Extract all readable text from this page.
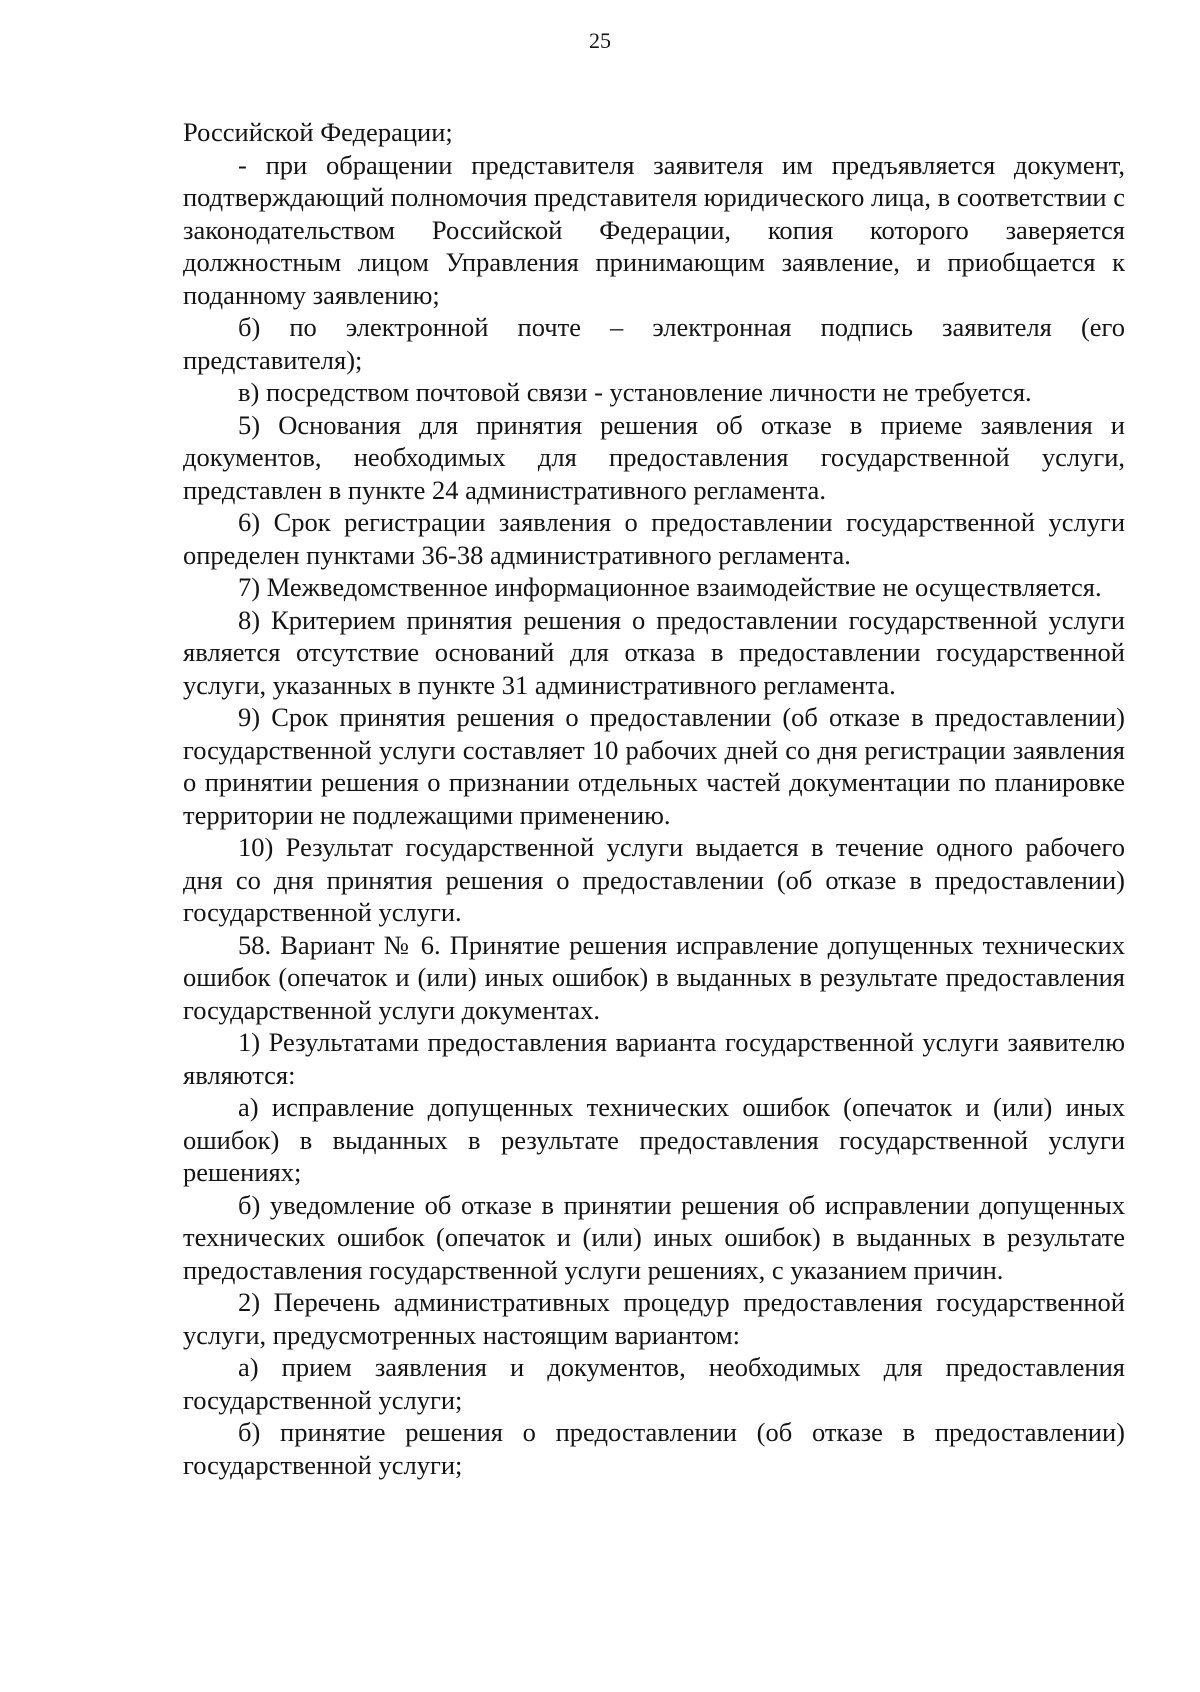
25

Российской Федерации;

- при обращении представителя заявителя им предъявляется документ, подтверждающий полномочия представителя юридического лица, в соответствии с законодательством Российской Федерации, копия которого заверяется должностным лицом Управления принимающим заявление, и приобщается к поданному заявлению;

б) по электронной почте – электронная подпись заявителя (его представителя);

в) посредством почтовой связи - установление личности не требуется.

5) Основания для принятия решения об отказе в приеме заявления и документов, необходимых для предоставления государственной услуги, представлен в пункте 24 административного регламента.

6) Срок регистрации заявления о предоставлении государственной услуги определен пунктами 36-38 административного регламента.

7) Межведомственное информационное взаимодействие не осуществляется.

8) Критерием принятия решения о предоставлении государственной услуги является отсутствие оснований для отказа в предоставлении государственной услуги, указанных в пункте 31 административного регламента.

9) Срок принятия решения о предоставлении (об отказе в предоставлении) государственной услуги составляет 10 рабочих дней со дня регистрации заявления о принятии решения о признании отдельных частей документации по планировке территории не подлежащими применению.

10) Результат государственной услуги выдается в течение одного рабочего дня со дня принятия решения о предоставлении (об отказе в предоставлении) государственной услуги.

58. Вариант № 6. Принятие решения исправление допущенных технических ошибок (опечаток и (или) иных ошибок) в выданных в результате предоставления государственной услуги документах.

1) Результатами предоставления варианта государственной услуги заявителю являются:

а) исправление допущенных технических ошибок (опечаток и (или) иных ошибок) в выданных в результате предоставления государственной услуги решениях;

б) уведомление об отказе в принятии решения об исправлении допущенных технических ошибок (опечаток и (или) иных ошибок) в выданных в результате предоставления государственной услуги решениях, с указанием причин.

2) Перечень административных процедур предоставления государственной услуги, предусмотренных настоящим вариантом:

а) прием заявления и документов, необходимых для предоставления государственной услуги;

б) принятие решения о предоставлении (об отказе в предоставлении) государственной услуги;
